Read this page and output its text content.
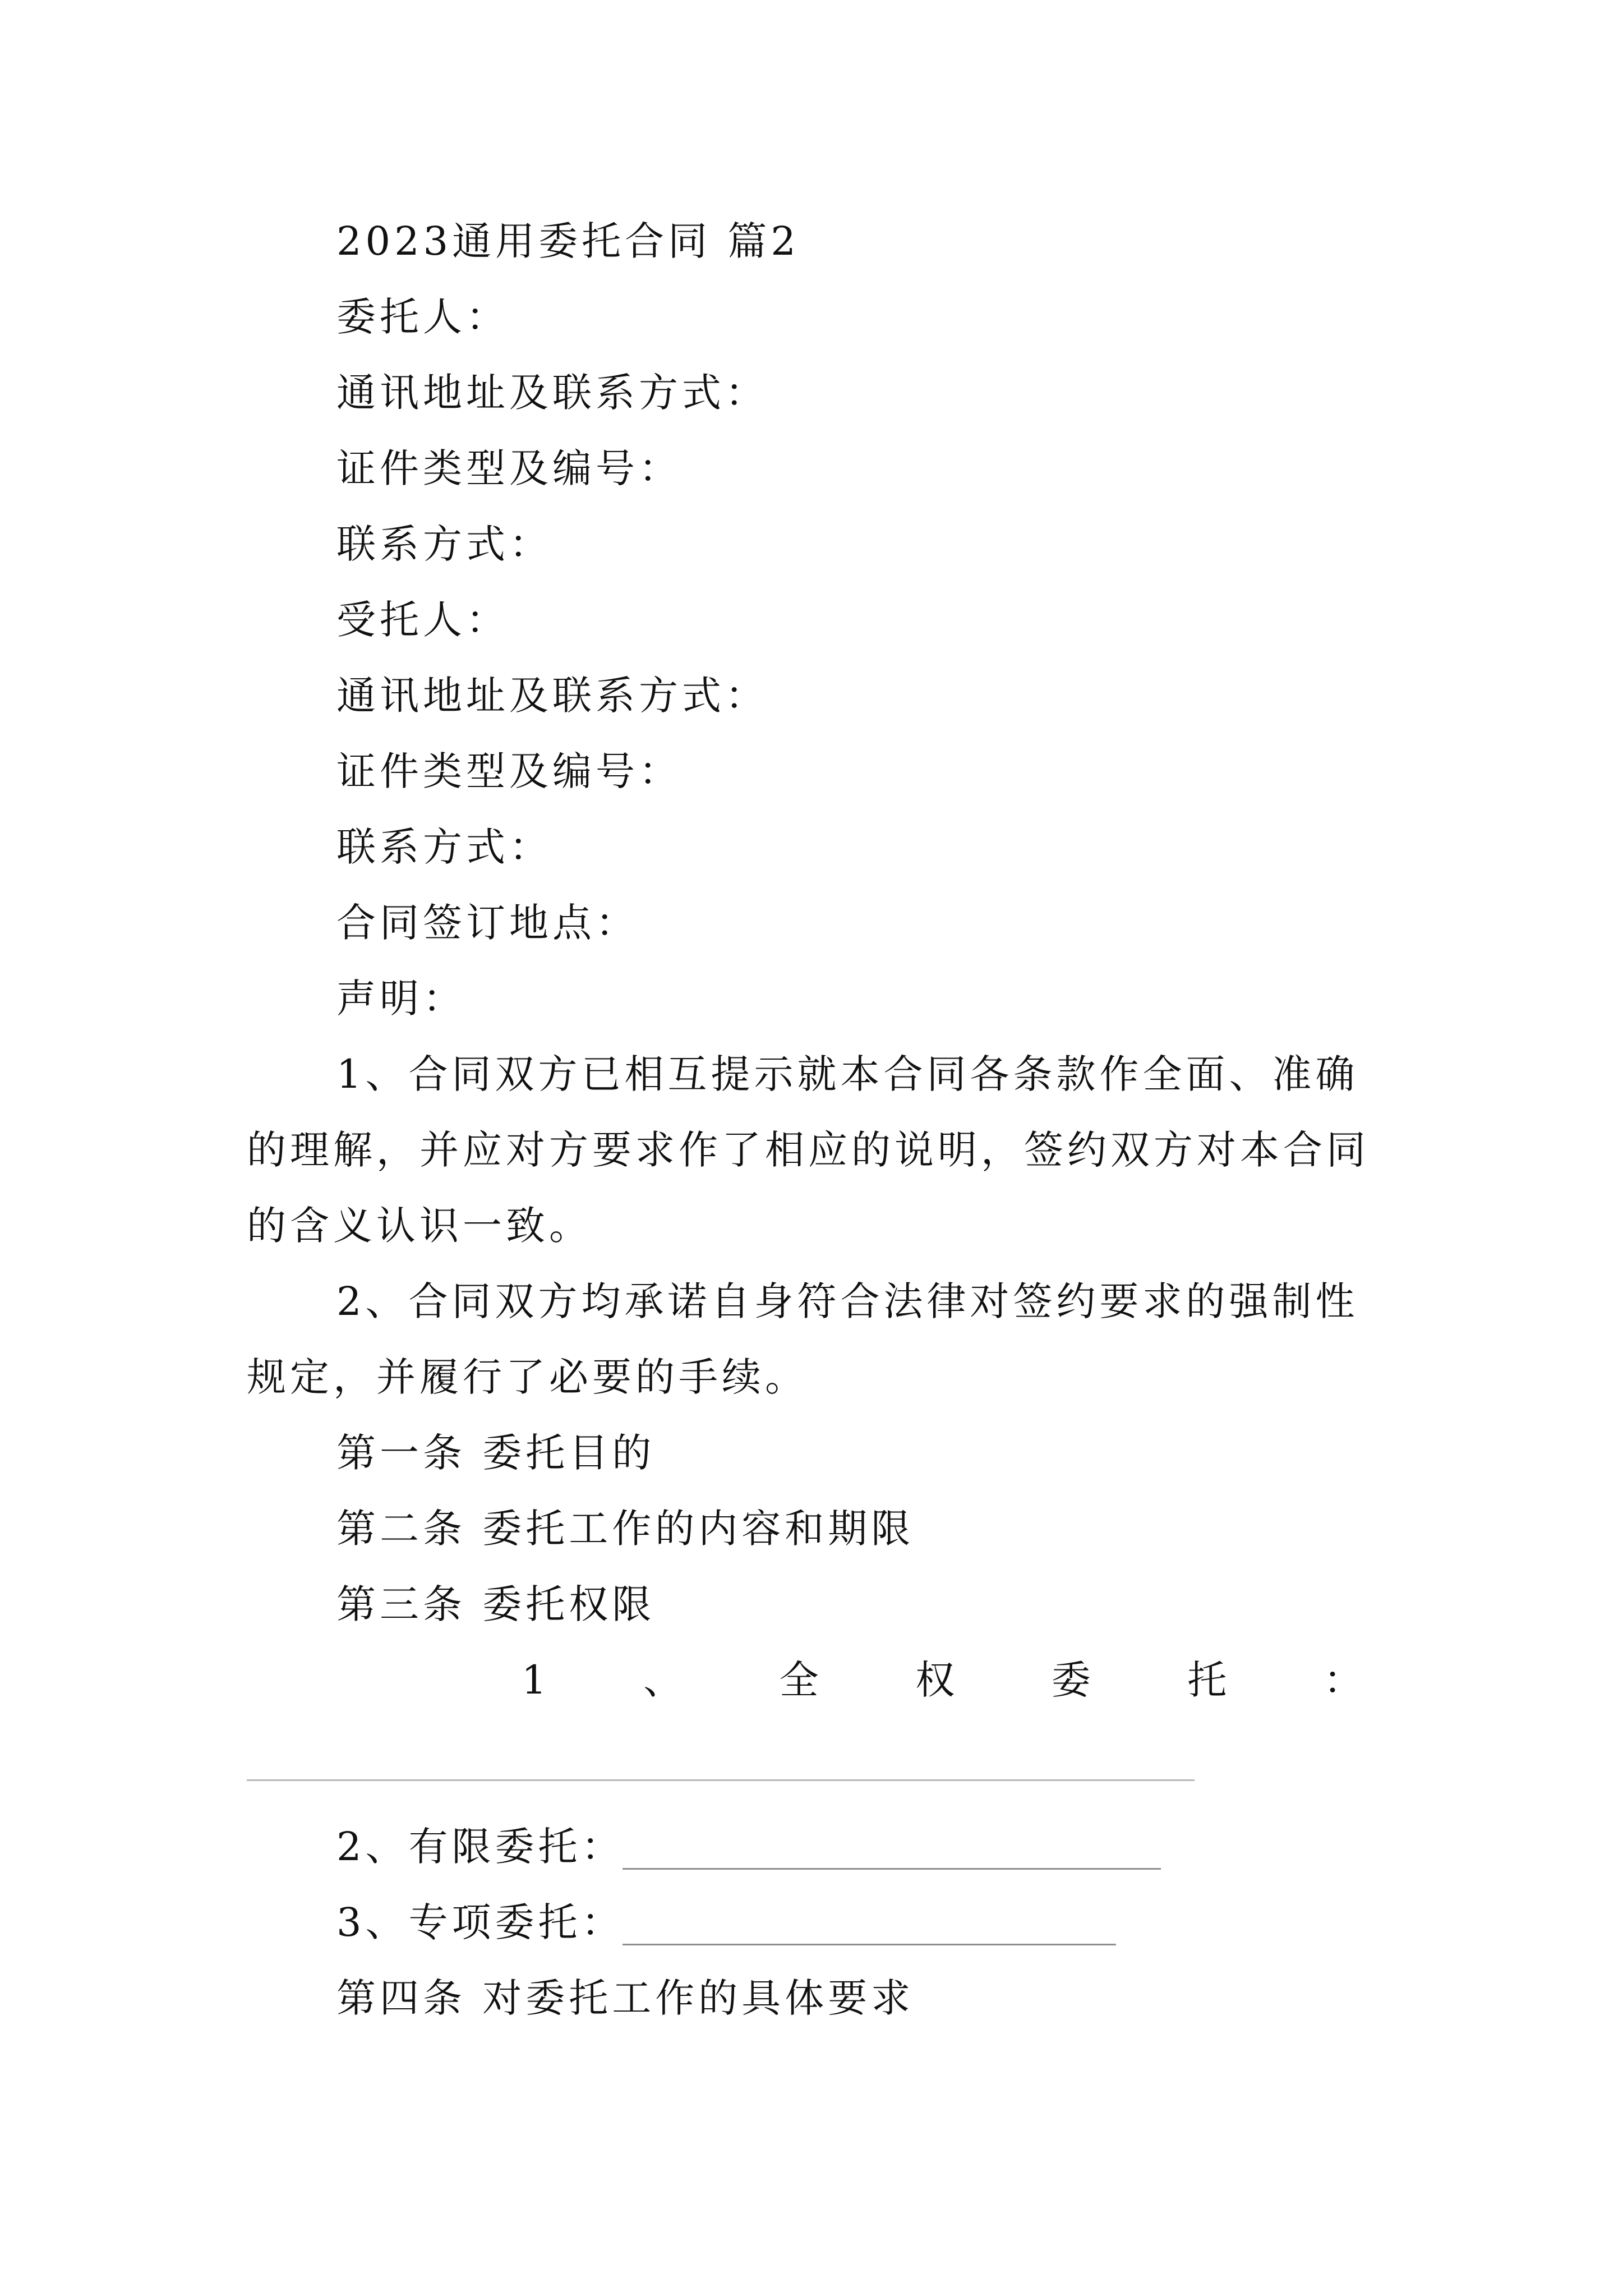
2023通用委托合同 篇2
委托人：
通讯地址及联系方式：
证件类型及编号：
联系方式：
受托人：
通讯地址及联系方式：
证件类型及编号：
联系方式：
合同签订地点：
声明：
1、合同双方已相互提示就本合同各条款作全面、准确
的理解，并应对方要求作了相应的说明，签约双方对本合同
的含义认识一致。
2、合同双方均承诺自身符合法律对签约要求的强制性
规定，并履行了必要的手续。
第一条 委托目的
第二条 委托工作的内容和期限
第三条 委托权限
1 、 全 权 委 托 ：
2、有限委托：
3、专项委托：
第四条 对委托工作的具体要求
